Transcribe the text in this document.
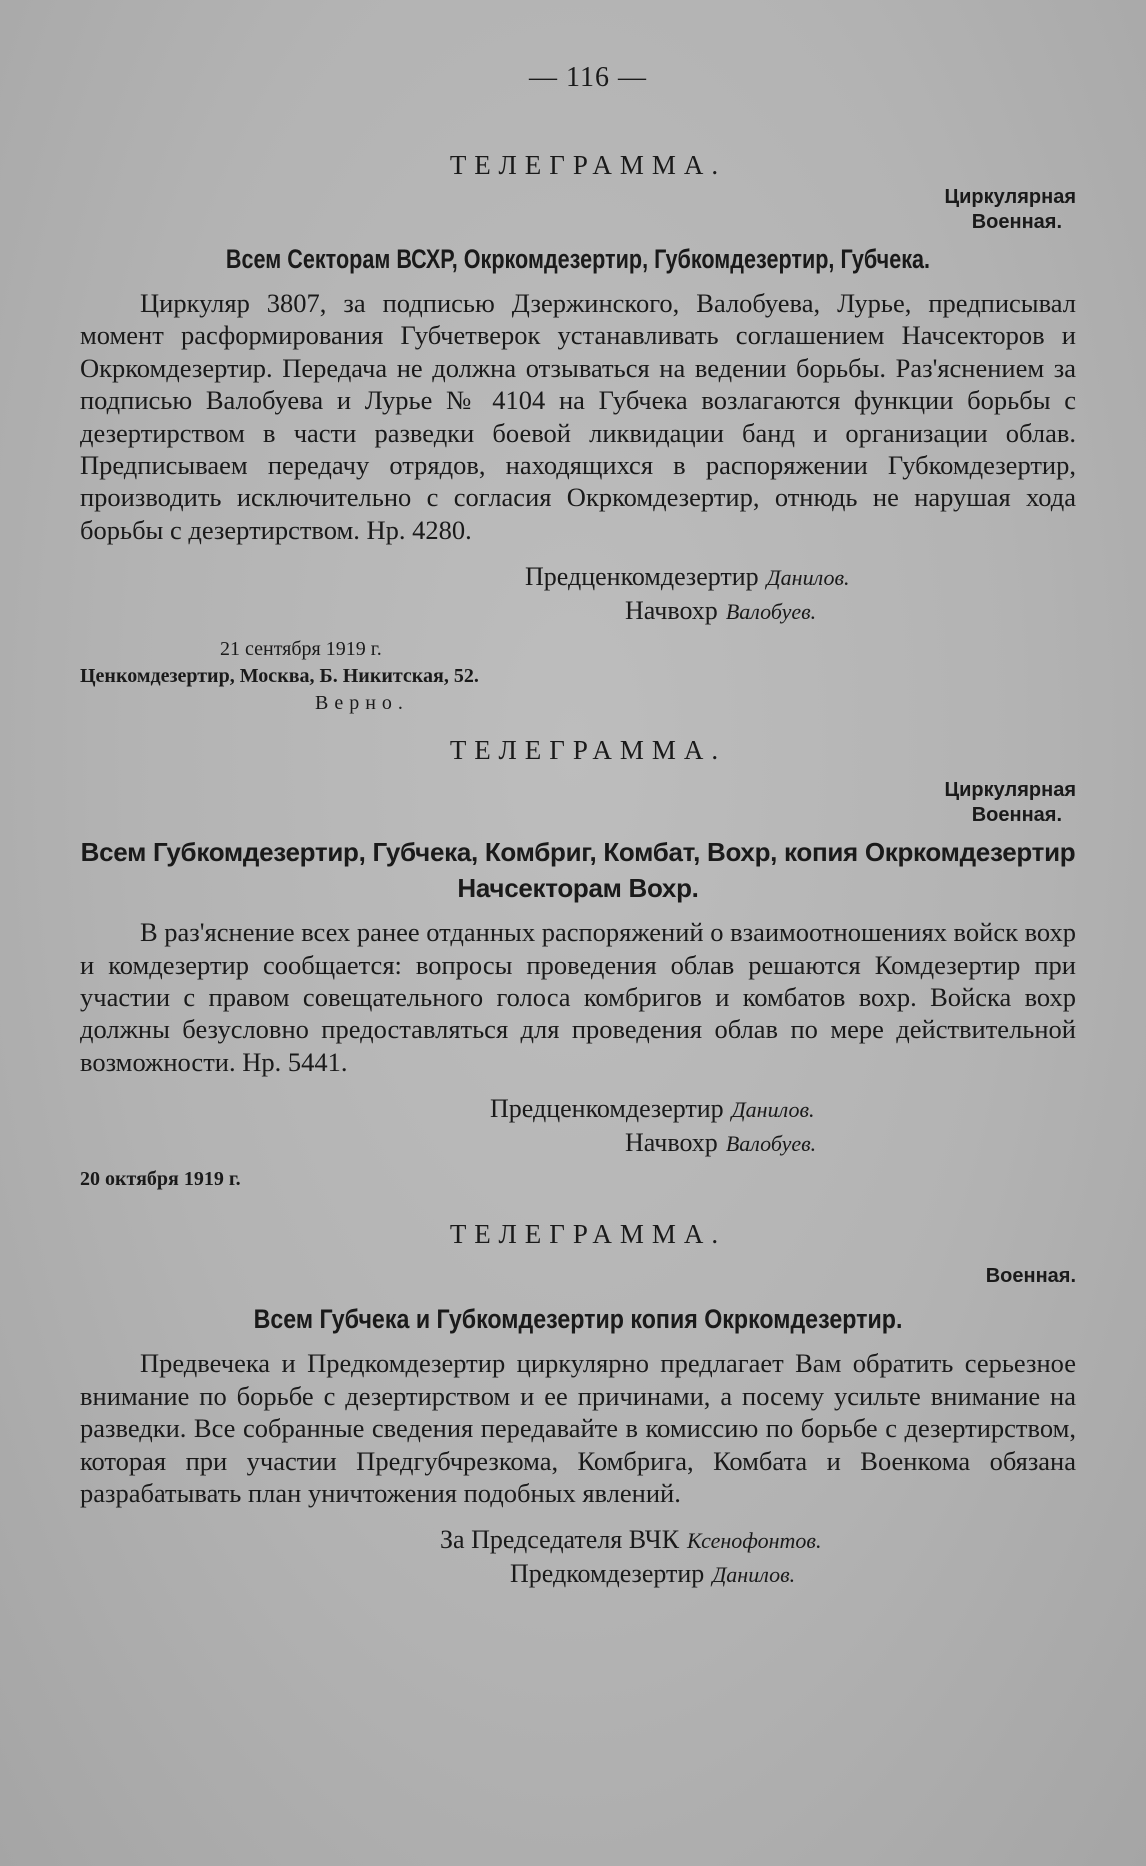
— 116 —
ТЕЛЕГРАММА.
Циркулярная
Военная.
Всем Секторам ВСХР, Окркомдезертир, Губкомдезертир, Губчека.

Циркуляр 3807, за подписью Дзержинского, Валобуева, Лурье, предписывал момент расформирования Губчетверок устанавливать соглашением Начсекторов и Окркомдезертир. Передача не должна отзываться на ведении борьбы. Раз'яснением за подписью Валобуева и Лурье № 4104 на Губчека возлагаются функции борьбы с дезертирством в части разведки боевой ликвидации банд и организации облав. Предписываем передачу отрядов, находящихся в распоряжении Губкомдезертир, производить исключительно с согласия Окркомдезертир, отнюдь не нарушая хода борьбы с дезертирством. Нр. 4280.

Предценкомдезертир Данилов.
Начвохр Валобуев.
21 сентября 1919 г.
Ценкомдезертир, Москва, Б. Никитская, 52.
Верно.
ТЕЛЕГРАММА.
Циркулярная
Военная.
Всем Губкомдезертир, Губчека, Комбриг, Комбат, Вохр, копия Окркомдезертир Начсекторам Вохр.

В раз'яснение всех ранее отданных распоряжений о взаимоотношениях войск вохр и комдезертир сообщается: вопросы проведения облав решаются Комдезертир при участии с правом совещательного голоса комбригов и комбатов вохр. Войска вохр должны безусловно предоставляться для проведения облав по мере действительной возможности. Нр. 5441.

Предценкомдезертир Данилов.
Начвохр Валобуев.
20 октября 1919 г.
ТЕЛЕГРАММА.
Военная.
Всем Губчека и Губкомдезертир копия Окркомдезертир.

Предвечека и Предкомдезертир циркулярно предлагает Вам обратить серьезное внимание по борьбе с дезертирством и ее причинами, а посему усильте внимание на разведки. Все собранные сведения передавайте в комиссию по борьбе с дезертирством, которая при участии Предгубчрезкома, Комбрига, Комбата и Военкома обязана разрабатывать план уничтожения подобных явлений.

За Председателя ВЧК Ксенофонтов.
Предкомдезертир Данилов.
